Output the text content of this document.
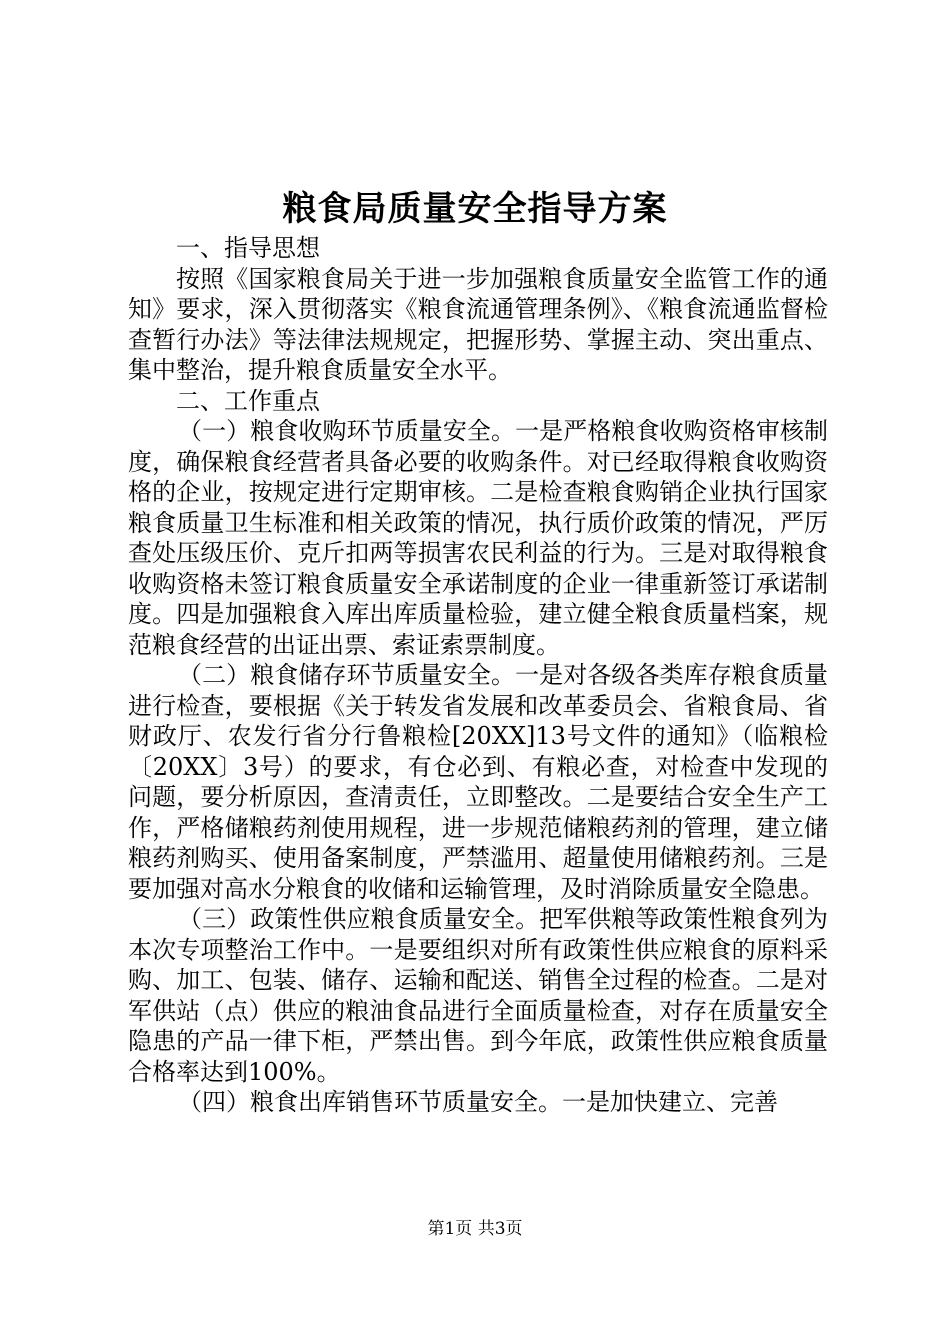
粮食局质量安全指导方案

一、指导思想

按照《国家粮食局关于进一步加强粮食质量安全监管工作的通知》要求，深入贯彻落实《粮食流通管理条例》、《粮食流通监督检查暂行办法》等法律法规规定，把握形势、掌握主动、突出重点、集中整治，提升粮食质量安全水平。

二、工作重点

（一）粮食收购环节质量安全。一是严格粮食收购资格审核制度，确保粮食经营者具备必要的收购条件。对已经取得粮食收购资格的企业，按规定进行定期审核。二是检查粮食购销企业执行国家粮食质量卫生标准和相关政策的情况，执行质价政策的情况，严厉查处压级压价、克斤扣两等损害农民利益的行为。三是对取得粮食收购资格未签订粮食质量安全承诺制度的企业一律重新签订承诺制度。四是加强粮食入库出库质量检验，建立健全粮食质量档案，规范粮食经营的出证出票、索证索票制度。

（二）粮食储存环节质量安全。一是对各级各类库存粮食质量进行检查，要根据《关于转发省发展和改革委员会、省粮食局、省财政厅、农发行省分行鲁粮检[20XX]13号文件的通知》（临粮检〔20XX〕3号）的要求，有仓必到、有粮必查，对检查中发现的问题，要分析原因，查清责任，立即整改。二是要结合安全生产工作，严格储粮药剂使用规程，进一步规范储粮药剂的管理，建立储粮药剂购买、使用备案制度，严禁滥用、超量使用储粮药剂。三是要加强对高水分粮食的收储和运输管理，及时消除质量安全隐患。

（三）政策性供应粮食质量安全。把军供粮等政策性粮食列为本次专项整治工作中。一是要组织对所有政策性供应粮食的原料采购、加工、包装、储存、运输和配送、销售全过程的检查。二是对军供站（点）供应的粮油食品进行全面质量检查，对存在质量安全隐患的产品一律下柜，严禁出售。到今年底，政策性供应粮食质量合格率达到100%。

（四）粮食出库销售环节质量安全。一是加快建立、完善

第1页 共3页
